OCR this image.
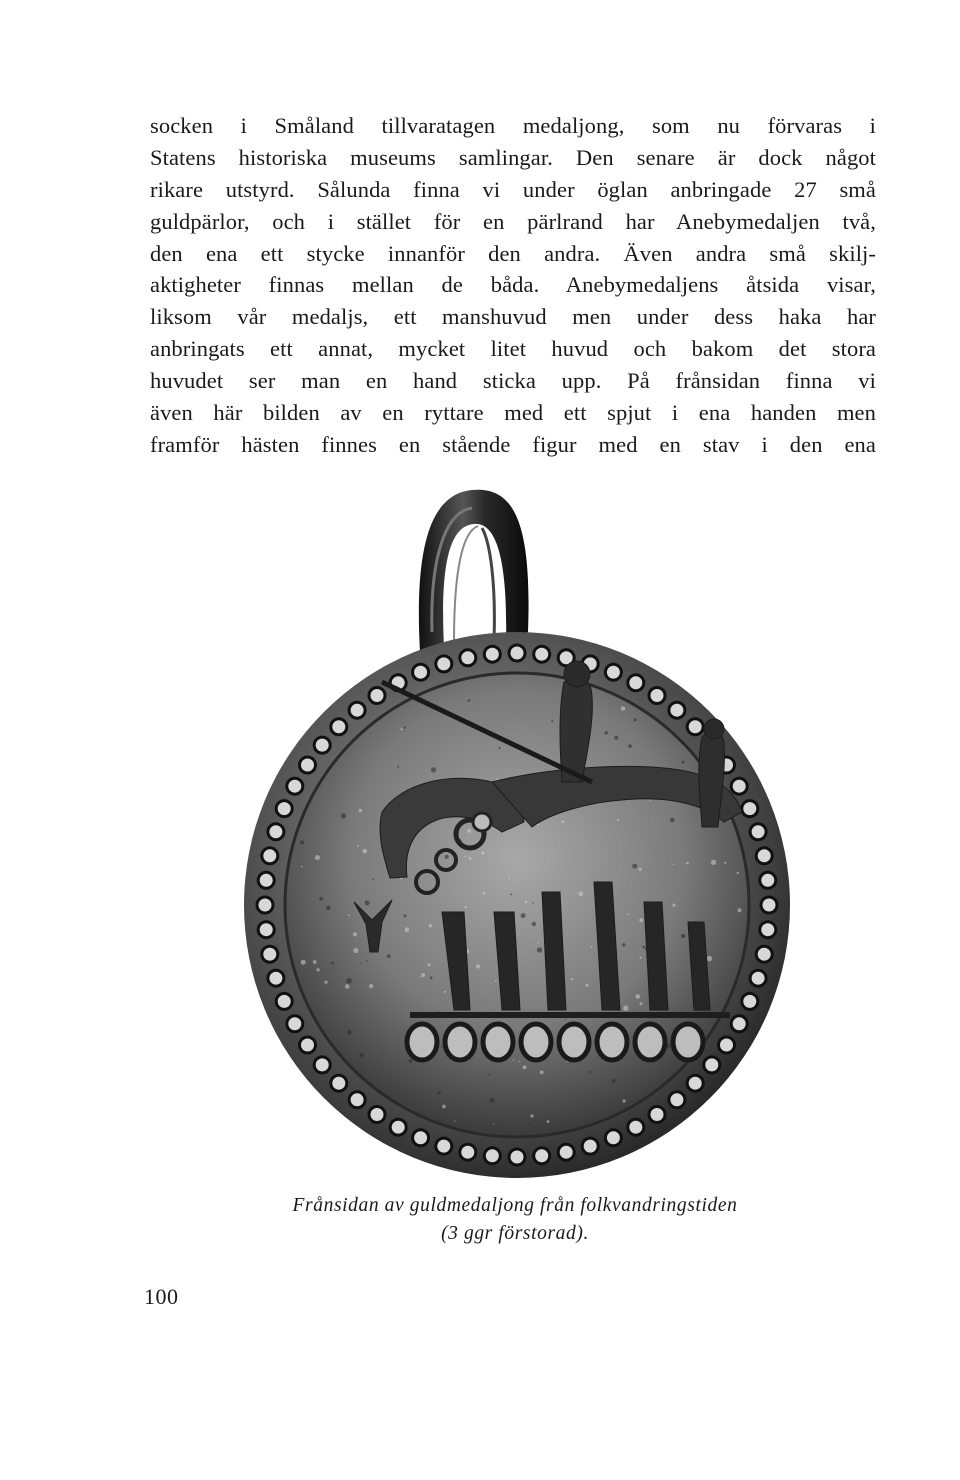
socken i Småland tillvaratagen medaljong, som nu förvaras i
Statens historiska museums samlingar. Den senare är dock något
rikare utstyrd. Sålunda finna vi under öglan anbringade 27 små
guldpärlor, och i stället för en pärlrand har Anebymedaljen två,
den ena ett stycke innanför den andra. Även andra små skilj-
aktigheter finnas mellan de båda. Anebymedaljens åtsida visar,
liksom vår medaljs, ett manshuvud men under dess haka har
anbringats ett annat, mycket litet huvud och bakom det stora
huvudet ser man en hand sticka upp. På frånsidan finna vi
även här bilden av en ryttare med ett spjut i ena handen men
framför hästen finnes en stående figur med en stav i den ena
Frånsidan av guldmedaljong från folkvandringstiden
(3 ggr förstorad).
100
